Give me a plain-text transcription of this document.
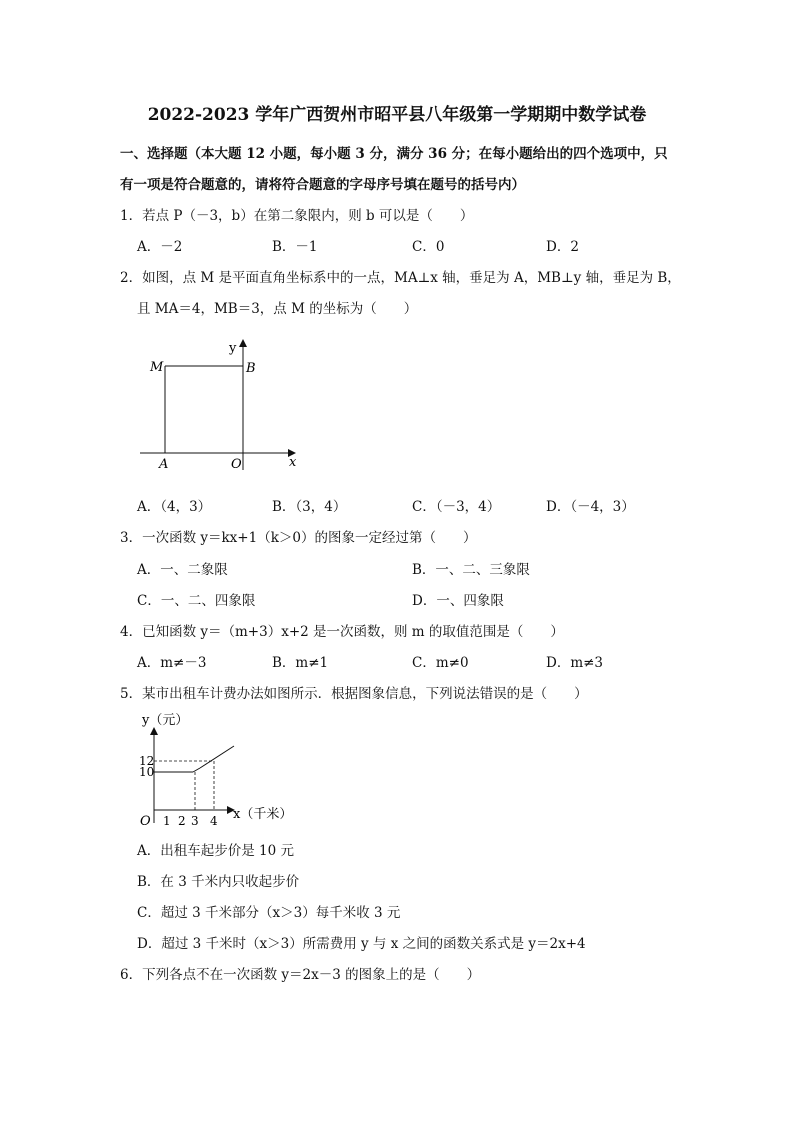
2022-2023 学年广西贺州市昭平县八年级第一学期期中数学试卷
一、选择题（本大题 12 小题，每小题 3 分，满分 36 分；在每小题给出的四个选项中，只
有一项是符合题意的，请将符合题意的字母序号填在题号的括号内）
1．若点 P（－3，b）在第二象限内，则 b 可以是（　　）
A．－2	B．－1	C．0	D．2
2．如图，点 M 是平面直角坐标系中的一点，MA⊥x 轴，垂足为 A，MB⊥y 轴，垂足为 B，
且 MA＝4，MB＝3，点 M 的坐标为（　　）
M	B
A	O	x
y
A．（4，3）	B．（3，4）	C．（－3，4）	D．（－4，3）
3．一次函数 y＝kx+1（k＞0）的图象一定经过第（　　）
A．一、二象限	B．一、二、三象限
C．一、二、四象限	D．一、四象限
4．已知函数 y＝（m+3）x+2 是一次函数，则 m 的取值范围是（　　）
A．m≠－3	B．m≠1	C．m≠0	D．m≠3
5．某市出租车计费办法如图所示．根据图象信息，下列说法错误的是（　　）
y（元）
x（千米）
O
12
10
1 2 3 4
A．出租车起步价是 10 元
B．在 3 千米内只收起步价
C．超过 3 千米部分（x＞3）每千米收 3 元
D．超过 3 千米时（x＞3）所需费用 y 与 x 之间的函数关系式是 y＝2x+4
6．下列各点不在一次函数 y＝2x－3 的图象上的是（　　）
